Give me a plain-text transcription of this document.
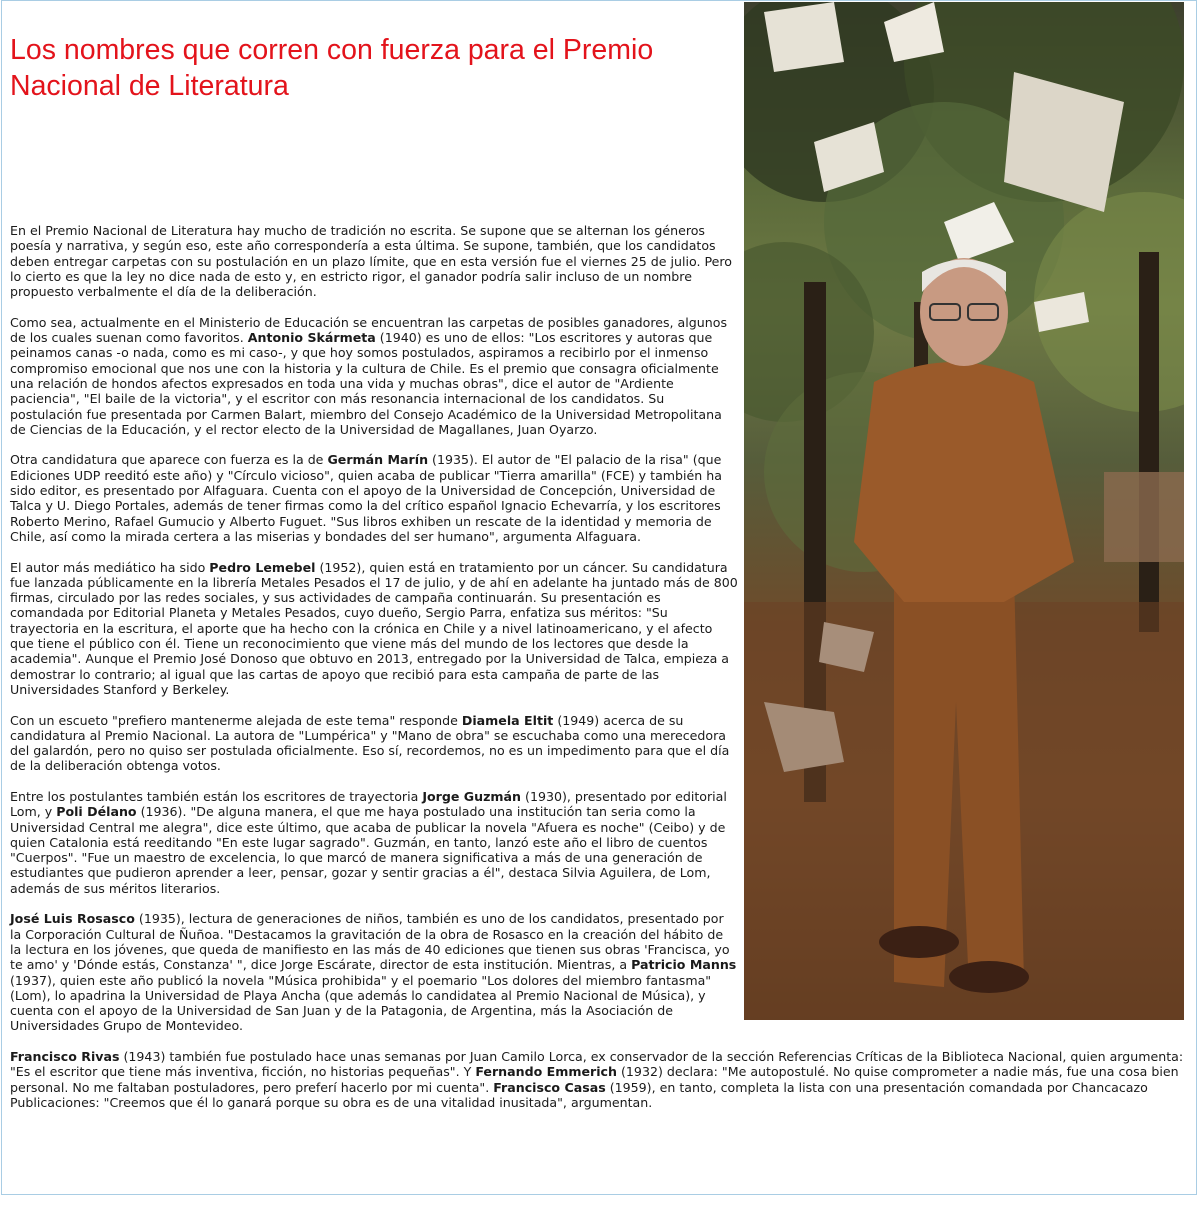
Los nombres que corren con fuerza para el Premio Nacional de Literatura

En el Premio Nacional de Literatura hay mucho de tradición no escrita. Se supone que se alternan los géneros poesía y narrativa, y según eso, este año correspondería a esta última. Se supone, también, que los candidatos deben entregar carpetas con su postulación en un plazo límite, que en esta versión fue el viernes 25 de julio. Pero lo cierto es que la ley no dice nada de esto y, en estricto rigor, el ganador podría salir incluso de un nombre propuesto verbalmente el día de la deliberación.

Como sea, actualmente en el Ministerio de Educación se encuentran las carpetas de posibles ganadores, algunos de los cuales suenan como favoritos. Antonio Skármeta (1940) es uno de ellos: "Los escritores y autoras que peinamos canas -o nada, como es mi caso-, y que hoy somos postulados, aspiramos a recibirlo por el inmenso compromiso emocional que nos une con la historia y la cultura de Chile. Es el premio que consagra oficialmente una relación de hondos afectos expresados en toda una vida y muchas obras", dice el autor de "Ardiente paciencia", "El baile de la victoria", y el escritor con más resonancia internacional de los candidatos. Su postulación fue presentada por Carmen Balart, miembro del Consejo Académico de la Universidad Metropolitana de Ciencias de la Educación, y el rector electo de la Universidad de Magallanes, Juan Oyarzo.

Otra candidatura que aparece con fuerza es la de Germán Marín (1935). El autor de "El palacio de la risa" (que Ediciones UDP reeditó este año) y "Círculo vicioso", quien acaba de publicar "Tierra amarilla" (FCE) y también ha sido editor, es presentado por Alfaguara. Cuenta con el apoyo de la Universidad de Concepción, Universidad de Talca y U. Diego Portales, además de tener firmas como la del crítico español Ignacio Echevarría, y los escritores Roberto Merino, Rafael Gumucio y Alberto Fuguet. "Sus libros exhiben un rescate de la identidad y memoria de Chile, así como la mirada certera a las miserias y bondades del ser humano", argumenta Alfaguara.

El autor más mediático ha sido Pedro Lemebel (1952), quien está en tratamiento por un cáncer. Su candidatura fue lanzada públicamente en la librería Metales Pesados el 17 de julio, y de ahí en adelante ha juntado más de 800 firmas, circulado por las redes sociales, y sus actividades de campaña continuarán. Su presentación es comandada por Editorial Planeta y Metales Pesados, cuyo dueño, Sergio Parra, enfatiza sus méritos: "Su trayectoria en la escritura, el aporte que ha hecho con la crónica en Chile y a nivel latinoamericano, y el afecto que tiene el público con él. Tiene un reconocimiento que viene más del mundo de los lectores que desde la academia". Aunque el Premio José Donoso que obtuvo en 2013, entregado por la Universidad de Talca, empieza a demostrar lo contrario; al igual que las cartas de apoyo que recibió para esta campaña de parte de las Universidades Stanford y Berkeley.

Con un escueto "prefiero mantenerme alejada de este tema" responde Diamela Eltit (1949) acerca de su candidatura al Premio Nacional. La autora de "Lumpérica" y "Mano de obra" se escuchaba como una merecedora del galardón, pero no quiso ser postulada oficialmente. Eso sí, recordemos, no es un impedimento para que el día de la deliberación obtenga votos.

Entre los postulantes también están los escritores de trayectoria Jorge Guzmán (1930), presentado por editorial Lom, y Poli Délano (1936). "De alguna manera, el que me haya postulado una institución tan seria como la Universidad Central me alegra", dice este último, que acaba de publicar la novela "Afuera es noche" (Ceibo) y de quien Catalonia está reeditando "En este lugar sagrado". Guzmán, en tanto, lanzó este año el libro de cuentos "Cuerpos". "Fue un maestro de excelencia, lo que marcó de manera significativa a más de una generación de estudiantes que pudieron aprender a leer, pensar, gozar y sentir gracias a él", destaca Silvia Aguilera, de Lom, además de sus méritos literarios.

José Luis Rosasco (1935), lectura de generaciones de niños, también es uno de los candidatos, presentado por la Corporación Cultural de Ñuñoa. "Destacamos la gravitación de la obra de Rosasco en la creación del hábito de la lectura en los jóvenes, que queda de manifiesto en las más de 40 ediciones que tienen sus obras 'Francisca, yo te amo' y 'Dónde estás, Constanza' ", dice Jorge Escárate, director de esta institución. Mientras, a Patricio Manns (1937), quien este año publicó la novela "Música prohibida" y el poemario "Los dolores del miembro fantasma" (Lom), lo apadrina la Universidad de Playa Ancha (que además lo candidatea al Premio Nacional de Música), y cuenta con el apoyo de la Universidad de San Juan y de la Patagonia, de Argentina, más la Asociación de Universidades Grupo de Montevideo.

Francisco Rivas (1943) también fue postulado hace unas semanas por Juan Camilo Lorca, ex conservador de la sección Referencias Críticas de la Biblioteca Nacional, quien argumenta: "Es el escritor que tiene más inventiva, ficción, no historias pequeñas". Y Fernando Emmerich (1932) declara: "Me autopostulé. No quise comprometer a nadie más, fue una cosa bien personal. No me faltaban postuladores, pero preferí hacerlo por mi cuenta". Francisco Casas (1959), en tanto, completa la lista con una presentación comandada por Chancacazo Publicaciones: "Creemos que él lo ganará porque su obra es de una vitalidad inusitada", argumentan.
